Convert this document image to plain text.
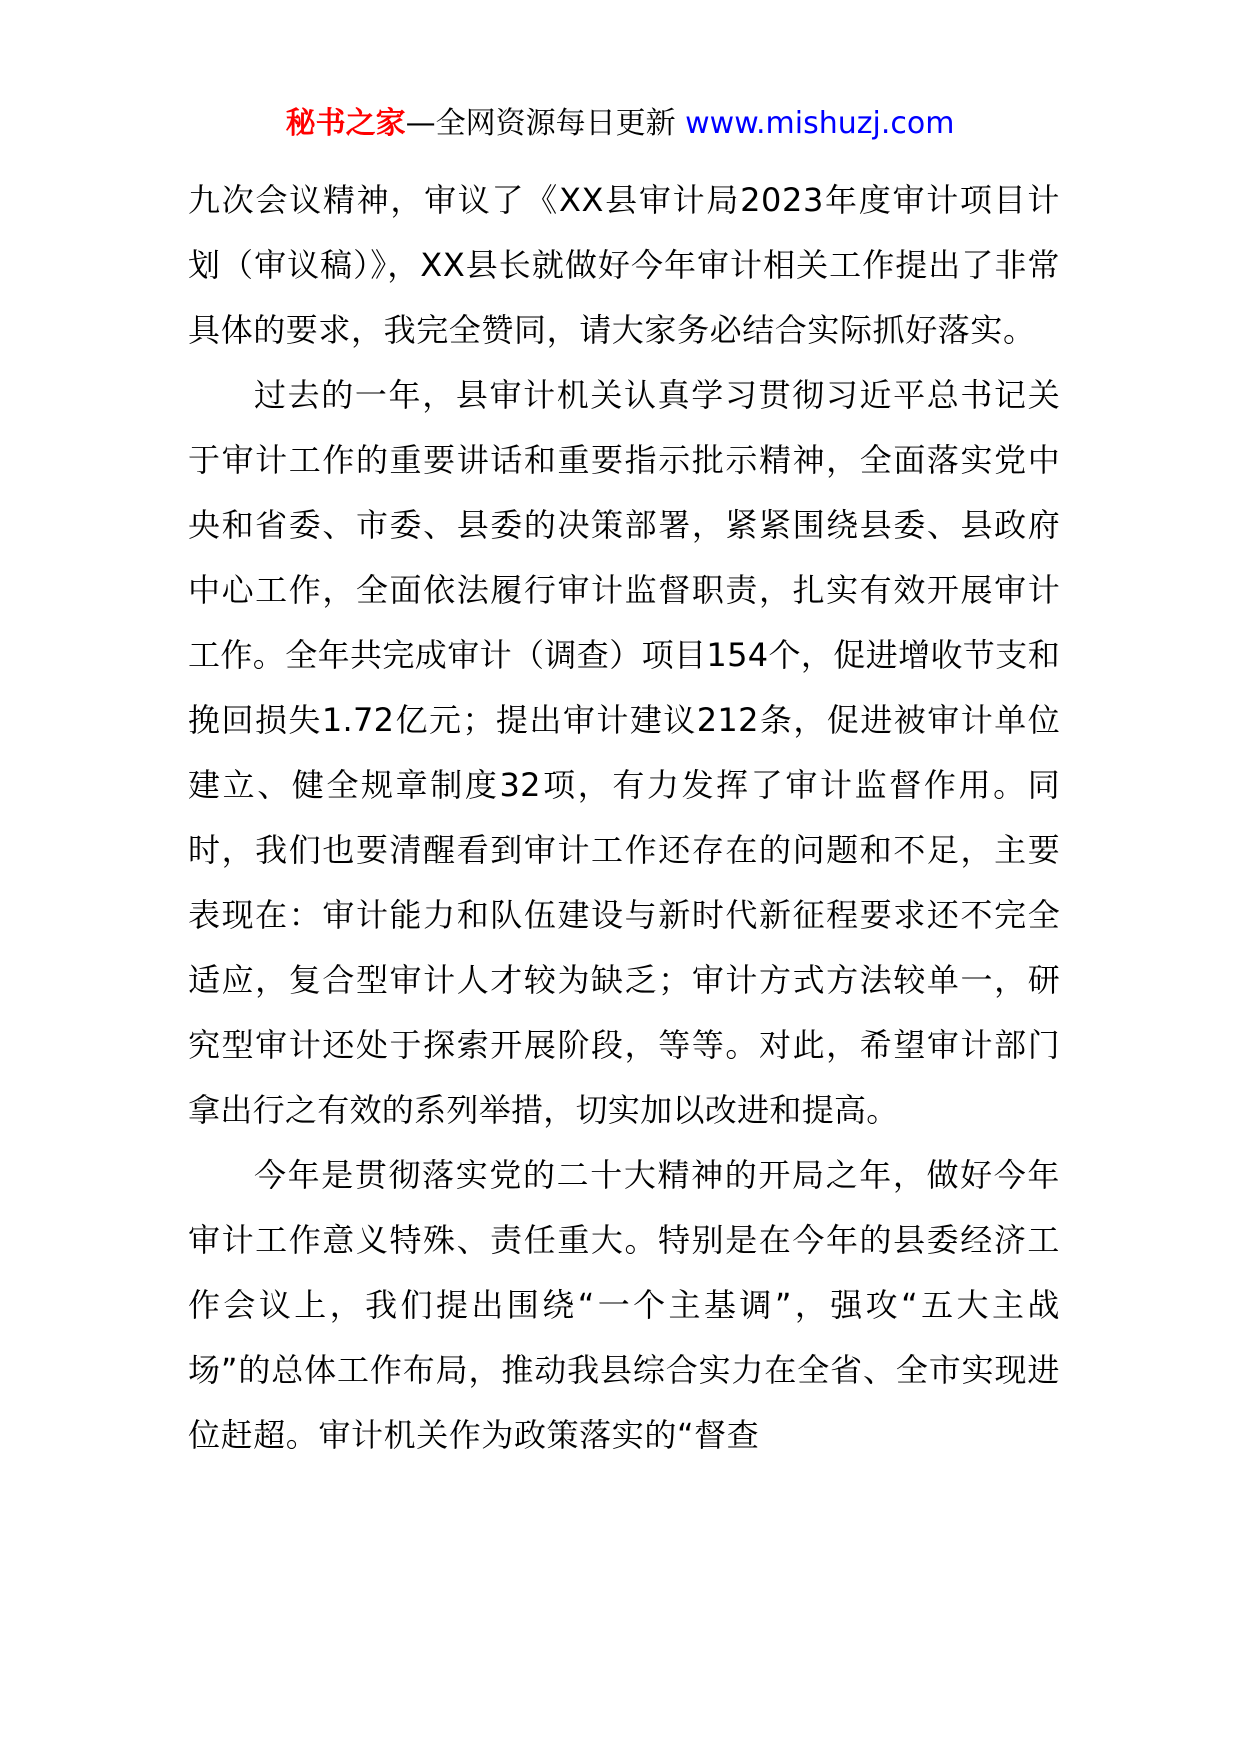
秘书之家—全网资源每日更新 www.mishuzj.com

九次会议精神，审议了《XX县审计局2023年度审计项目计划（审议稿）》，XX县长就做好今年审计相关工作提出了非常具体的要求，我完全赞同，请大家务必结合实际抓好落实。

过去的一年，县审计机关认真学习贯彻习近平总书记关于审计工作的重要讲话和重要指示批示精神，全面落实党中央和省委、市委、县委的决策部署，紧紧围绕县委、县政府中心工作，全面依法履行审计监督职责，扎实有效开展审计工作。全年共完成审计（调查）项目154个，促进增收节支和挽回损失1.72亿元；提出审计建议212条，促进被审计单位建立、健全规章制度32项，有力发挥了审计监督作用。同时，我们也要清醒看到审计工作还存在的问题和不足，主要表现在：审计能力和队伍建设与新时代新征程要求还不完全适应，复合型审计人才较为缺乏；审计方式方法较单一，研究型审计还处于探索开展阶段，等等。对此，希望审计部门拿出行之有效的系列举措，切实加以改进和提高。

今年是贯彻落实党的二十大精神的开局之年，做好今年审计工作意义特殊、责任重大。特别是在今年的县委经济工作会议上，我们提出围绕“一个主基调”，强攻“五大主战场”的总体工作布局，推动我县综合实力在全省、全市实现进位赶超。审计机关作为政策落实的“督查
